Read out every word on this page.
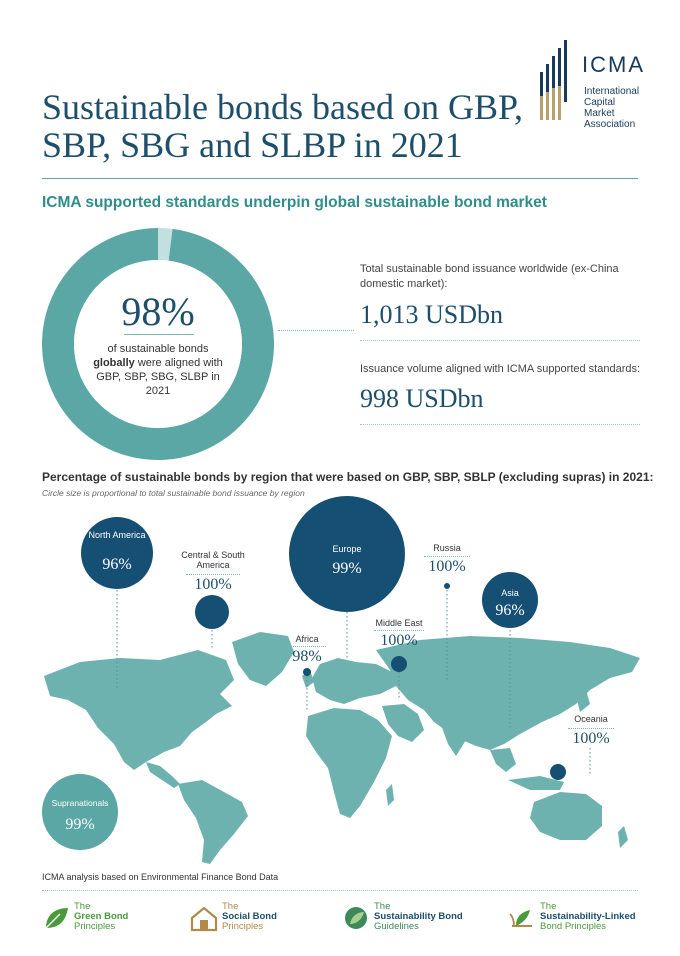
ICMA
International
Capital
Market
Association
Sustainable bonds based on GBP, SBP, SBG and SLBP in 2021
ICMA supported standards underpin global sustainable bond market
98%
of sustainable bonds globally were aligned with GBP, SBP, SBG, SLBP in 2021
Total sustainable bond issuance worldwide (ex-China domestic market):
1,013 USDbn
Issuance volume aligned with ICMA supported standards:
998 USDbn
Percentage of sustainable bonds by region that were based on GBP, SBP, SBLP (excluding supras) in 2021:
Circle size is proportional to total sustainable bond issuance by region
North America
96%
Central & South America
100%
Europe
99%
Russia
100%
Asia
96%
Africa
98%
Middle East
100%
Oceania
100%
Supranationals
99%
ICMA analysis based on Environmental Finance Bond Data
The
Green Bond
Principles
The
Social Bond
Principles
The
Sustainability Bond
Guidelines
The
Sustainability-Linked
Bond Principles
